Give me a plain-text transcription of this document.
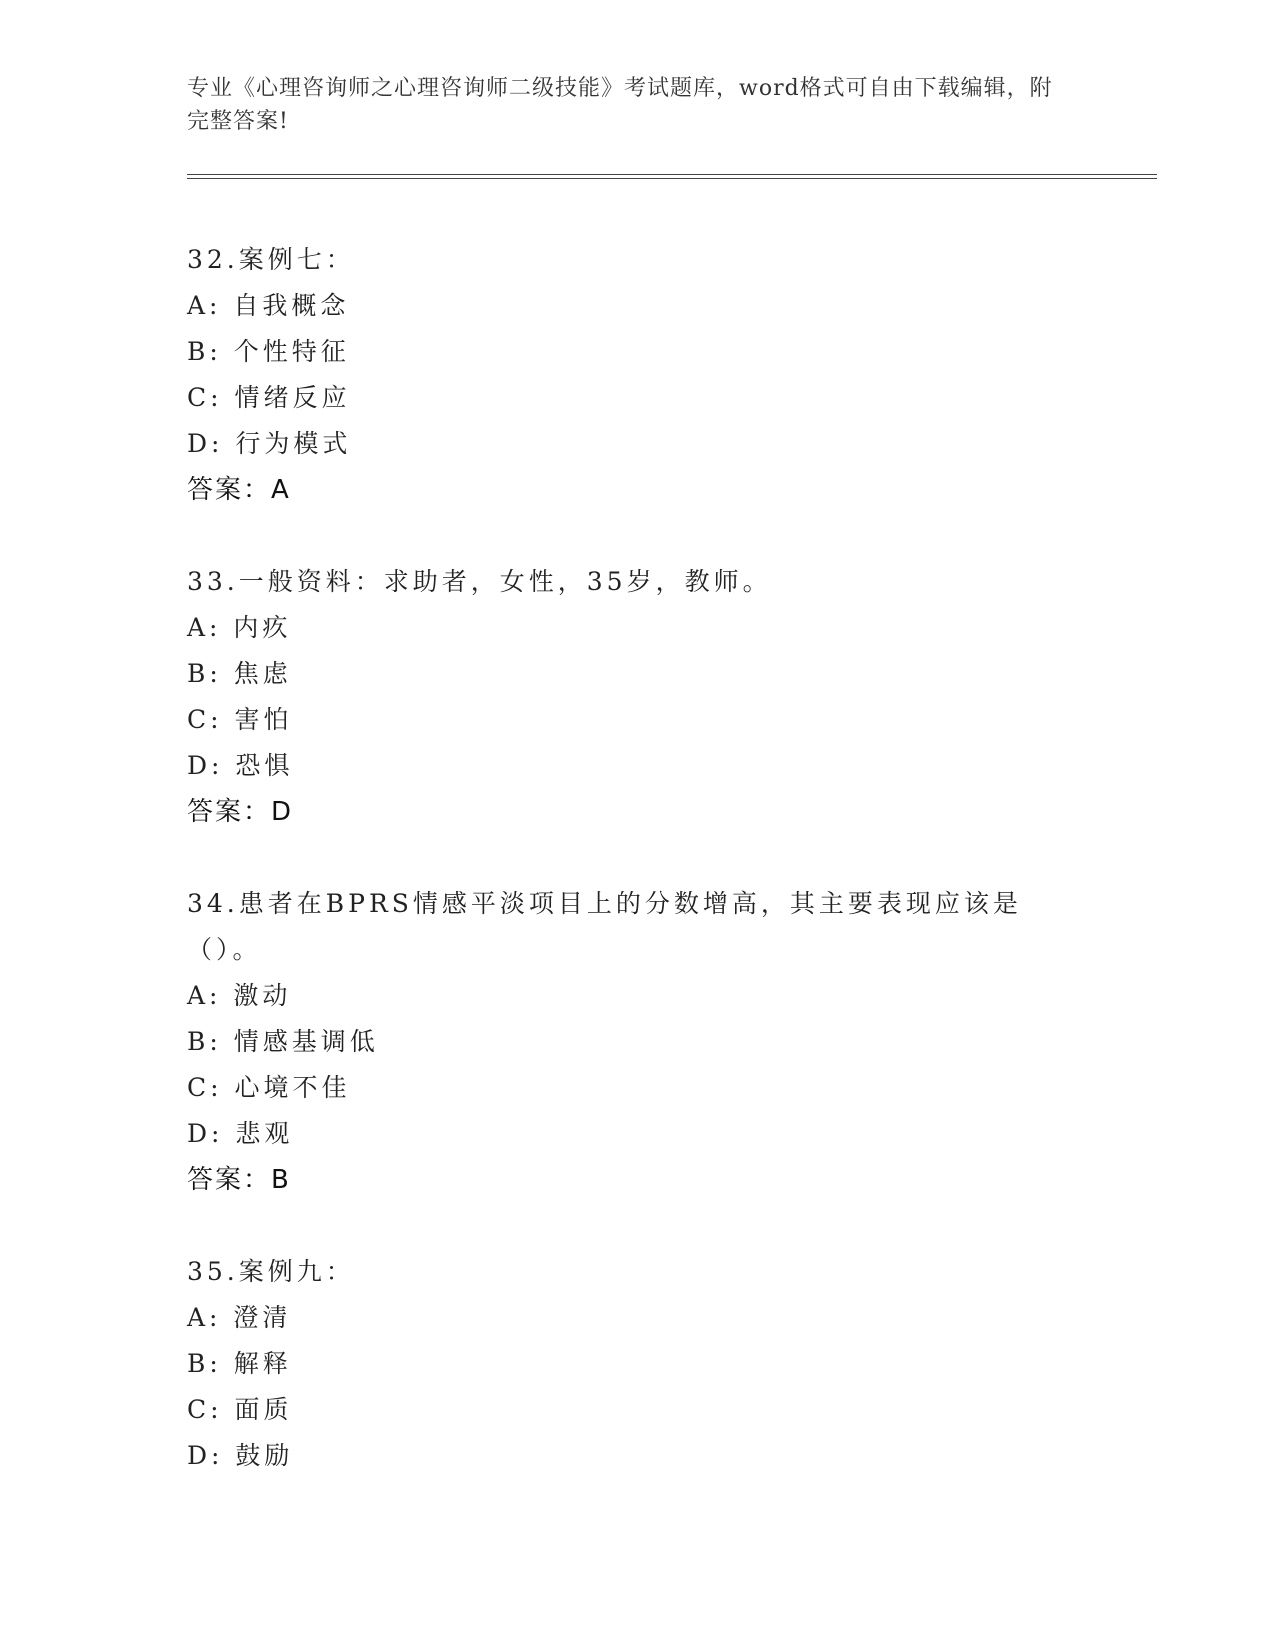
专业《心理咨询师之心理咨询师二级技能》考试题库，word格式可自由下载编辑，附完整答案!

32.案例七：

A: 自我概念

B: 个性特征

C: 情绪反应

D: 行为模式

答案：A

33.一般资料：求助者，女性，35岁，教师。

A: 内疚

B: 焦虑

C: 害怕

D: 恐惧

答案：D

34.患者在BPRS情感平淡项目上的分数增高，其主要表现应该是（）。

A: 激动

B: 情感基调低

C: 心境不佳

D: 悲观

答案：B

35.案例九：

A: 澄清

B: 解释

C: 面质

D: 鼓励
